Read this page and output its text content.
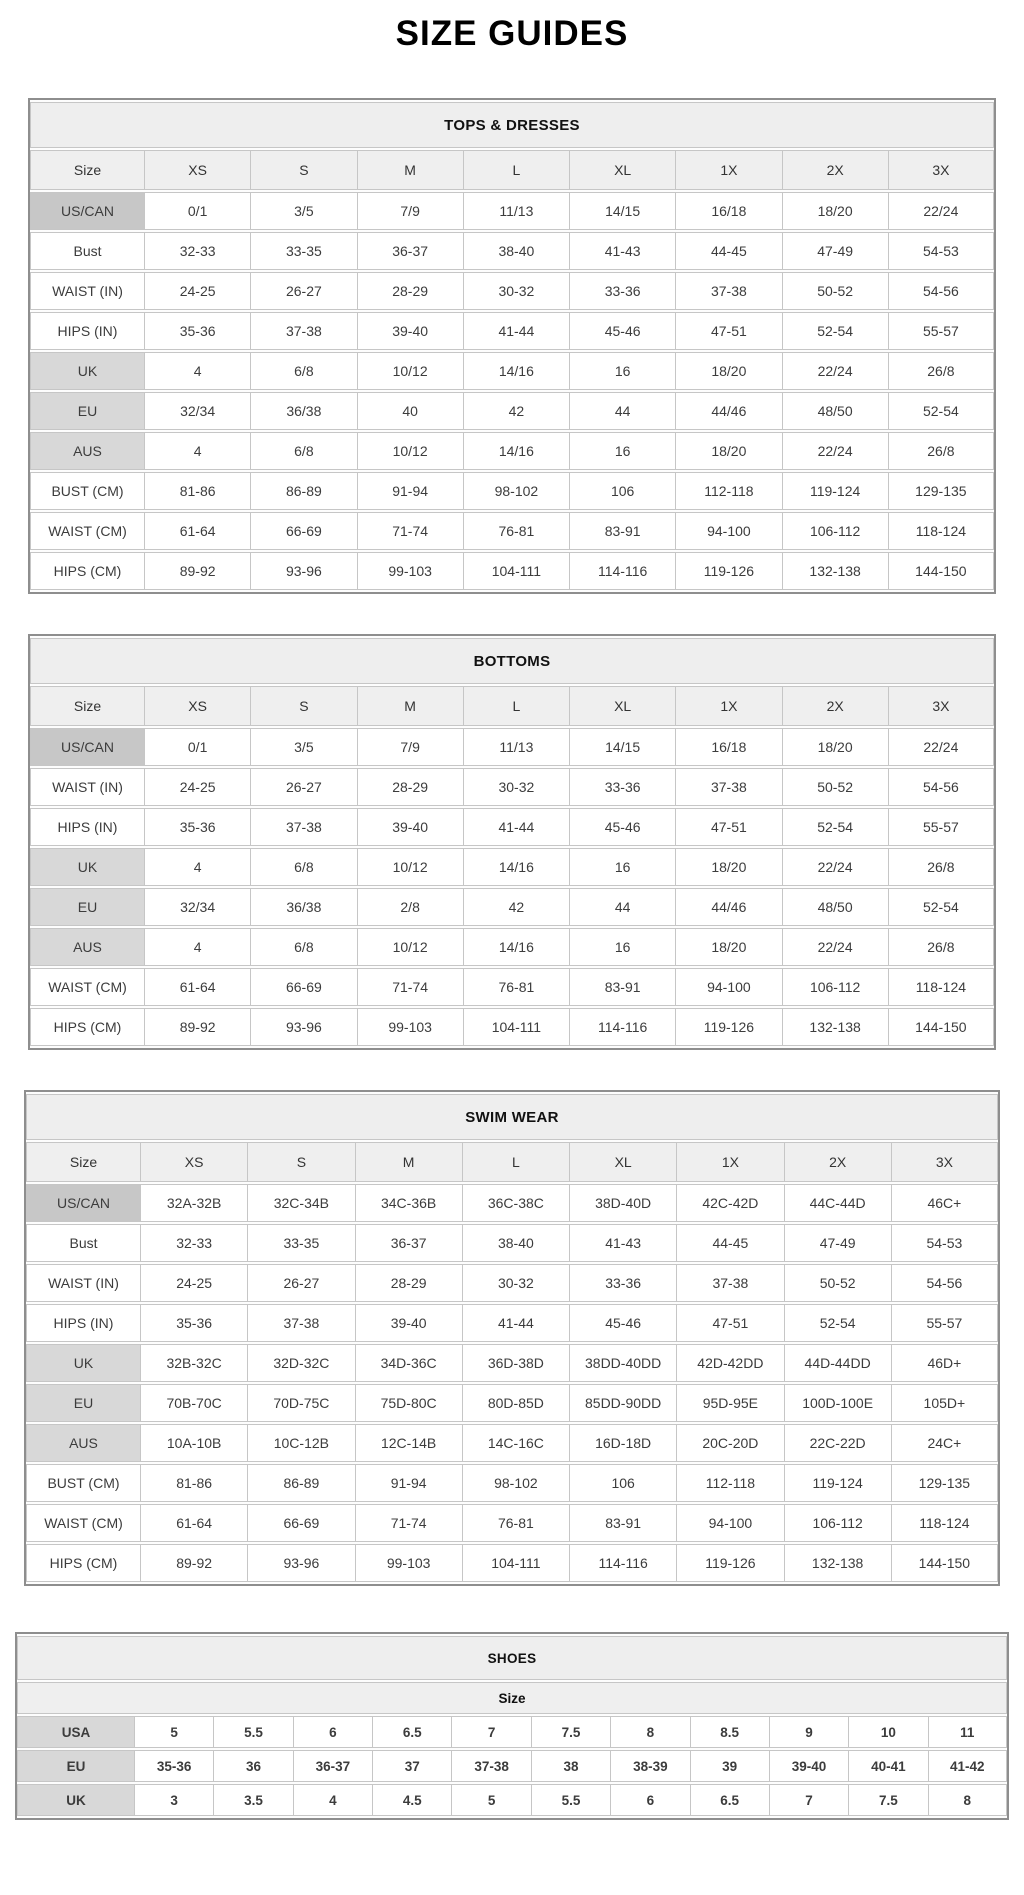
SIZE GUIDES
TOPS & DRESSES								
Size	XS	S	M	L	XL	1X	2X	3X
US/CAN	0/1	3/5	7/9	11/13	14/15	16/18	18/20	22/24
Bust	32-33	33-35	36-37	38-40	41-43	44-45	47-49	54-53
WAIST (IN)	24-25	26-27	28-29	30-32	33-36	37-38	50-52	54-56
HIPS (IN)	35-36	37-38	39-40	41-44	45-46	47-51	52-54	55-57
UK	4	6/8	10/12	14/16	16	18/20	22/24	26/8
EU	32/34	36/38	40	42	44	44/46	48/50	52-54
AUS	4	6/8	10/12	14/16	16	18/20	22/24	26/8
BUST (CM)	81-86	86-89	91-94	98-102	106	112-118	119-124	129-135
WAIST (CM)	61-64	66-69	71-74	76-81	83-91	94-100	106-112	118-124
HIPS (CM)	89-92	93-96	99-103	104-111	114-116	119-126	132-138	144-150
BOTTOMS								
Size	XS	S	M	L	XL	1X	2X	3X
US/CAN	0/1	3/5	7/9	11/13	14/15	16/18	18/20	22/24
WAIST (IN)	24-25	26-27	28-29	30-32	33-36	37-38	50-52	54-56
HIPS (IN)	35-36	37-38	39-40	41-44	45-46	47-51	52-54	55-57
UK	4	6/8	10/12	14/16	16	18/20	22/24	26/8
EU	32/34	36/38	2/8	42	44	44/46	48/50	52-54
AUS	4	6/8	10/12	14/16	16	18/20	22/24	26/8
WAIST (CM)	61-64	66-69	71-74	76-81	83-91	94-100	106-112	118-124
HIPS (CM)	89-92	93-96	99-103	104-111	114-116	119-126	132-138	144-150
SWIM WEAR								
Size	XS	S	M	L	XL	1X	2X	3X
US/CAN	32A-32B	32C-34B	34C-36B	36C-38C	38D-40D	42C-42D	44C-44D	46C+
Bust	32-33	33-35	36-37	38-40	41-43	44-45	47-49	54-53
WAIST (IN)	24-25	26-27	28-29	30-32	33-36	37-38	50-52	54-56
HIPS (IN)	35-36	37-38	39-40	41-44	45-46	47-51	52-54	55-57
UK	32B-32C	32D-32C	34D-36C	36D-38D	38DD-40DD	42D-42DD	44D-44DD	46D+
EU	70B-70C	70D-75C	75D-80C	80D-85D	85DD-90DD	95D-95E	100D-100E	105D+
AUS	10A-10B	10C-12B	12C-14B	14C-16C	16D-18D	20C-20D	22C-22D	24C+
BUST (CM)	81-86	86-89	91-94	98-102	106	112-118	119-124	129-135
WAIST (CM)	61-64	66-69	71-74	76-81	83-91	94-100	106-112	118-124
HIPS (CM)	89-92	93-96	99-103	104-111	114-116	119-126	132-138	144-150
SHOES											
Size											
USA	5	5.5	6	6.5	7	7.5	8	8.5	9	10	11
EU	35-36	36	36-37	37	37-38	38	38-39	39	39-40	40-41	41-42
UK	3	3.5	4	4.5	5	5.5	6	6.5	7	7.5	8
